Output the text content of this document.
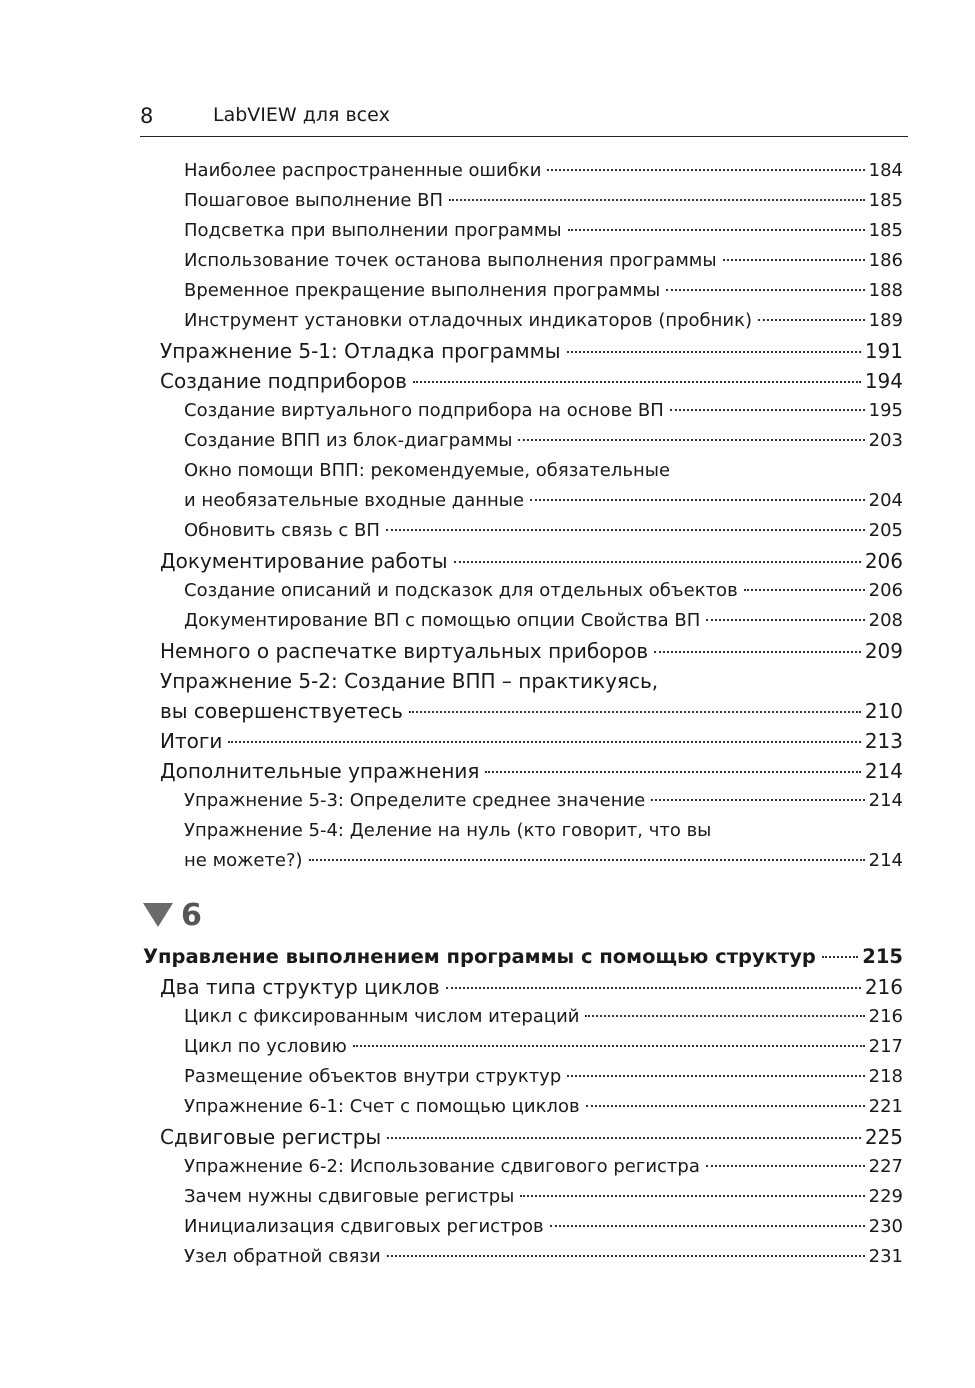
8	LabVIEW для всех
Наиболее распространенные ошибки	184
Пошаговое выполнение ВП	185
Подсветка при выполнении программы	185
Использование точек останова выполнения программы	186
Временное прекращение выполнения программы	188
Инструмент установки отладочных индикаторов (пробник)	189
Упражнение 5-1: Отладка программы	191
Создание подприборов	194
Создание виртуального подприбора на основе ВП	195
Создание ВПП из блок-диаграммы	203
Окно помощи ВПП: рекомендуемые, обязательные
и необязательные входные данные	204
Обновить связь с ВП	205
Документирование работы	206
Создание описаний и подсказок для отдельных объектов	206
Документирование ВП с помощью опции Свойства ВП	208
Немного о распечатке виртуальных приборов	209
Упражнение 5-2: Создание ВПП – практикуясь,
вы совершенствуетесь	210
Итоги	213
Дополнительные упражнения	214
Упражнение 5-3: Определите среднее значение	214
Упражнение 5-4: Деление на нуль (кто говорит, что вы
не можете?)	214
Управление выполнением программы с помощью структур 215
Два типа структур циклов	216
Цикл с фиксированным числом итераций	216
Цикл по условию	217
Размещение объектов внутри структур	218
Упражнение 6-1: Счет с помощью циклов	221
Сдвиговые регистры	225
Упражнение 6-2: Использование сдвигового регистра	227
Зачем нужны сдвиговые регистры	229
Инициализация сдвиговых регистров	230
Узел обратной связи	231
6
